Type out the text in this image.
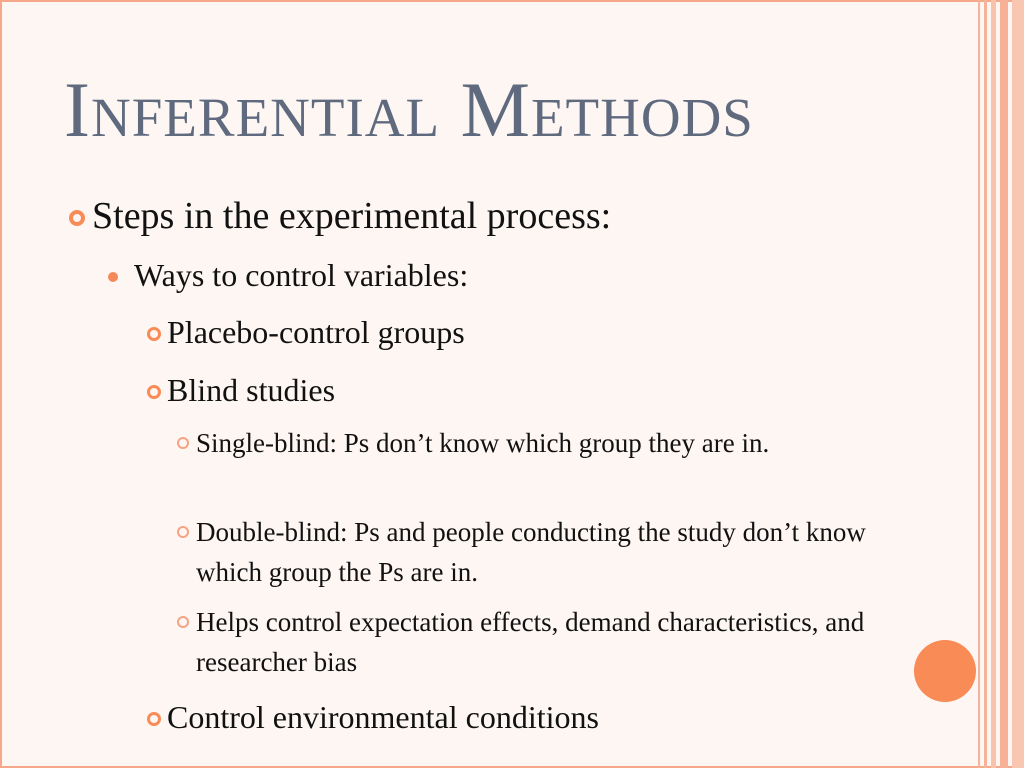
Inferential Methods
Steps in the experimental process:
Ways to control variables:
Placebo-control groups
Blind studies
Single-blind: Ps don’t know which group they are in.
Double-blind: Ps and people conducting the study don’t know which group the Ps are in.
Helps control expectation effects, demand characteristics, and researcher bias
Control environmental conditions
